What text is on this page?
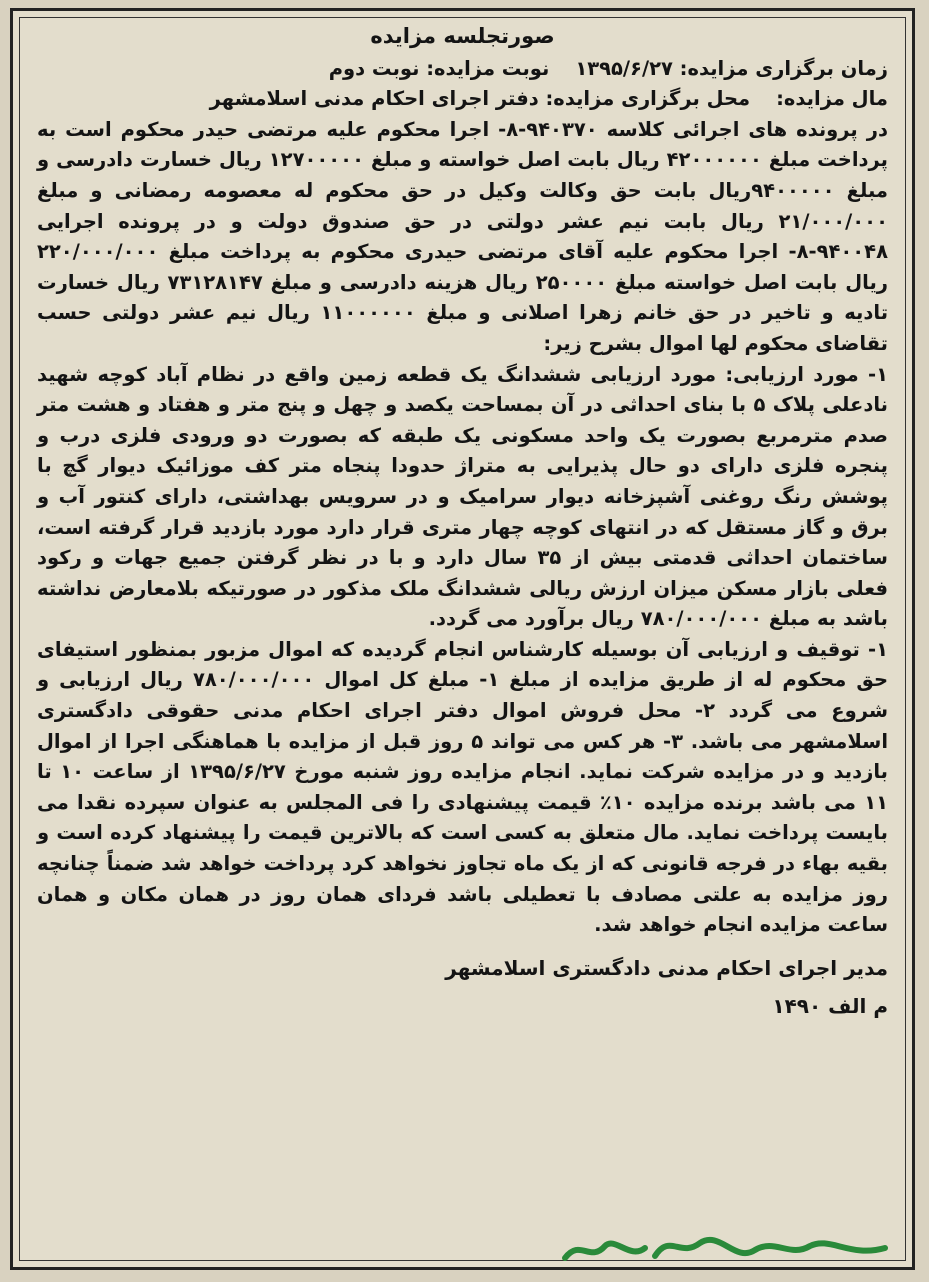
صورتجلسه مزایده
زمان برگزاری مزایده: ۱۳۹۵/۶/۲۷
نوبت مزایده: نوبت دوم
مال مزایده:
محل برگزاری مزایده: دفتر اجرای احکام مدنی اسلامشهر

در پرونده های اجرائی کلاسه ۹۴۰۳۷۰-۸- اجرا محکوم علیه مرتضی حیدر محکوم است به پرداخت مبلغ ۴۲۰۰۰۰۰۰ ریال بابت اصل خواسته و مبلغ ۱۲۷۰۰۰۰۰ ریال خسارت دادرسی و مبلغ ۹۴۰۰۰۰۰ریال بابت حق وکالت وکیل در حق محکوم له معصومه رمضانی و مبلغ ۲۱/۰۰۰/۰۰۰ ریال بابت نیم عشر دولتی در حق صندوق دولت و در پرونده اجرایی ۹۴۰۰۴۸-۸- اجرا محکوم علیه آقای مرتضی حیدری محکوم به پرداخت مبلغ ۲۲۰/۰۰۰/۰۰۰ ریال بابت اصل خواسته مبلغ ۲۵۰۰۰۰ ریال هزینه دادرسی و مبلغ ۷۳۱۲۸۱۴۷ ریال خسارت تادیه و تاخیر در حق خانم زهرا اصلانی و مبلغ ۱۱۰۰۰۰۰۰ ریال نیم عشر دولتی حسب تقاضای محکوم لها اموال بشرح زیر:

۱- مورد ارزیابی: مورد ارزیابی ششدانگ یک قطعه زمین واقع در نظام آباد کوچه شهید نادعلی پلاک ۵ با بنای احداثی در آن بمساحت یکصد و چهل و پنج متر و هفتاد و هشت متر صدم مترمربع بصورت یک واحد مسکونی یک طبقه که بصورت دو ورودی فلزی درب و پنجره فلزی دارای دو حال پذیرایی به متراژ حدودا پنجاه متر کف موزائیک دیوار گچ با پوشش رنگ روغنی آشپزخانه دیوار سرامیک و در سرویس بهداشتی، دارای کنتور آب و برق و گاز مستقل که در انتهای کوچه چهار متری قرار دارد مورد بازدید قرار گرفته است، ساختمان احداثی قدمتی بیش از ۳۵ سال دارد و با در نظر گرفتن جمیع جهات و رکود فعلی بازار مسکن میزان ارزش ریالی ششدانگ ملک مذکور در صورتیکه بلامعارض نداشته باشد به مبلغ ۷۸۰/۰۰۰/۰۰۰ ریال برآورد می گردد.

۱- توقیف و ارزیابی آن بوسیله کارشناس انجام گردیده که اموال مزبور بمنظور استیفای حق محکوم له از طریق مزایده از مبلغ ۱- مبلغ کل اموال ۷۸۰/۰۰۰/۰۰۰ ریال ارزیابی و شروع می گردد ۲- محل فروش اموال دفتر اجرای احکام مدنی حقوقی دادگستری اسلامشهر می باشد. ۳- هر کس می تواند ۵ روز قبل از مزایده با هماهنگی اجرا از اموال بازدید و در مزایده شرکت نماید. انجام مزایده روز شنبه مورخ ۱۳۹۵/۶/۲۷ از ساعت ۱۰ تا ۱۱ می باشد برنده مزایده ۱۰٪ قیمت پیشنهادی را فی المجلس به عنوان سپرده نقدا می بایست پرداخت نماید. مال متعلق به کسی است که بالاترین قیمت را پیشنهاد کرده است و بقیه بهاء در فرجه قانونی که از یک ماه تجاوز نخواهد کرد پرداخت خواهد شد ضمناً چنانچه روز مزایده به علتی مصادف با تعطیلی باشد فردای همان روز در همان مکان و همان ساعت مزایده انجام خواهد شد.

مدیر اجرای احکام مدنی دادگستری اسلامشهر
م الف ۱۴۹۰
